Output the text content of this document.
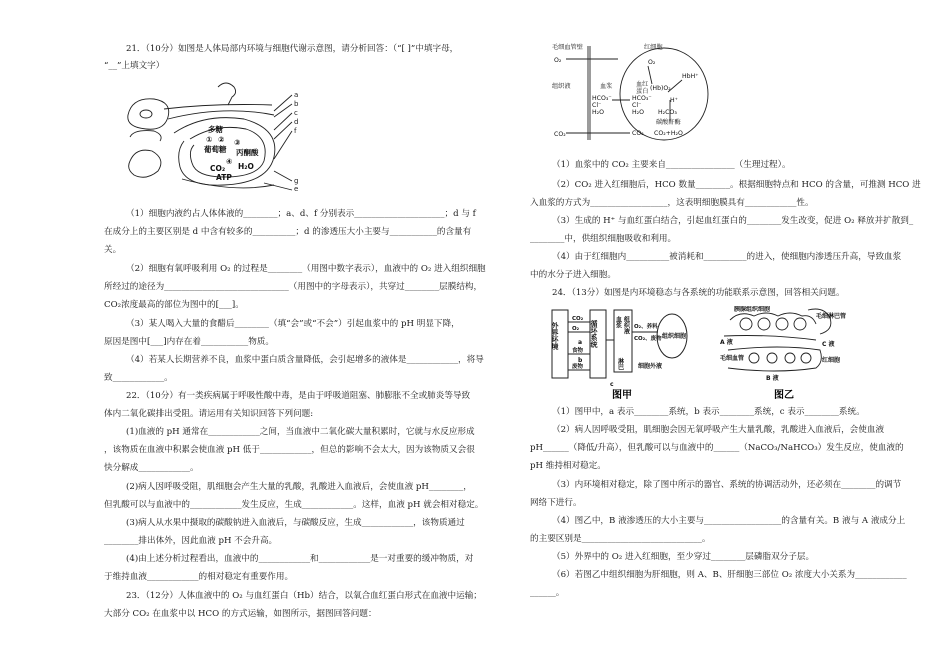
21．（10分）如图是人体局部内环境与细胞代谢示意图，请分析回答：（“[ ]”中填字母，
“__”上填文字）
a
b
c
d
e
f
g
多糖
① ② ③
葡萄糖 丙酮酸
④
CO₂ H₂O
ATP
（1）细胞内液约占人体体液的________；a、d、f 分别表示_____________________；d 与 f
在成分上的主要区别是 d 中含有较多的__________；d 的渗透压大小主要与___________的含量有
关。
（2）细胞有氧呼吸利用 O₂ 的过程是________（用图中数字表示），血液中的 O₂ 进入组织细胞
所经过的途径为_____________________________（用图中的字母表示），共穿过________层膜结构，
CO₂浓度最高的部位为图中的[___]。
（3）某人喝入大量的食醋后________（填“会”或“不会”）引起血浆中的 pH 明显下降，
原因是图中[___]内存在着___________物质。
（4）若某人长期营养不良，血浆中蛋白质含量降低，会引起增多的液体是____________，将导
致____________。
22．（10分）有一类疾病属于呼吸性酸中毒，是由于呼吸道阻塞、肺膨胀不全或肺炎等导致
体内二氧化碳排出受阻。请运用有关知识回答下列问题:
(1)血液的 pH 通常在____________之间，当血液中二氧化碳大量积累时，它就与水反应形成
，该物质在血液中积累会使血液 pH 低于____________，但总的影响不会太大，因为该物质又会很
快分解成____________。
(2)病人因呼吸受阻，肌细胞会产生大量的乳酸，乳酸进入血液后，会使血液 pH________，
但乳酸可以与血液中的____________发生反应，生成____________。这样，血液 pH 就会相对稳定。
(3)病人从水果中摄取的碳酸钠进入血液后，与碳酸反应，生成____________，该物质通过
________排出体外，因此血液 pH 不会升高。
(4)由上述分析过程看出，血液中的____________和____________是一对重要的缓冲物质，对
于维持血液____________的相对稳定有重要作用。
23．（12分）人体血液中的 O₂ 与血红蛋白（Hb）结合，以氧合血红蛋白形式在血液中运输；
大部分 CO₂ 在血浆中以 HCO 的方式运输，如图所示，据图回答问题：
毛细血管壁	红细胞
O₂	O₂
HbH⁺
组织液	血浆	血红
蛋白 (Hb)O₂
HCO₃⁻
Cl⁻
H₂O
HCO₃⁻
Cl⁻
H₂O
H⁺
H₂CO₃
碳酸酐酶
CO₂ CO₂+H₂O
CO₂
（1）血浆中的 CO₂ 主要来自________________（生理过程）。
（2）CO₂ 进入红细胞后，HCO 数量________。根据细胞特点和 HCO 的含量，可推测 HCO 进
入血浆的方式为__________________，这表明细胞膜具有____________性。
（3）生成的 H⁺ 与血红蛋白结合，引起血红蛋白的________发生改变，促进 O₂ 释放并扩散到_
________中，供组织细胞吸收和利用。
（4）由于红细胞内__________被消耗和__________的进入，使细胞内渗透压升高，导致血浆
中的水分子进入细胞。
24．（13分）如图是内环境稳态与各系统的功能联系示意图，回答相关问题。
外界环境
CO₂
O₂
a
食物
b
废物
循环系统	血浆 组织液
淋巴
O₂、养料
CO₂、废物 组织细胞
c
细胞外液
图甲
胰腺组织细胞
毛细淋巴管
A 液
毛细血管
C 液
红细胞
B 液
图乙
（1）图甲中，a 表示________系统，b 表示________系统，c 表示________系统。
（2）病人因呼吸受阻，肌细胞会因无氧呼吸产生大量乳酸，乳酸进入血液后，会使血液
pH______（降低/升高），但乳酸可以与血液中的______（NaCO₃/NaHCO₃）发生反应，使血液的
pH 维持相对稳定。
（3）内环境相对稳定，除了图中所示的器官、系统的协调活动外，还必须在________的调节
网络下进行。
（4）图乙中，B 液渗透压的大小主要与__________________的含量有关。B 液与 A 液成分上
的主要区别是____________________________。
（5）外界中的 O₂ 进入红细胞，至少穿过________层磷脂双分子层。
（6）若图乙中组织细胞为肝细胞，则 A、B、肝细胞三部位 O₂ 浓度大小关系为____________
______。
